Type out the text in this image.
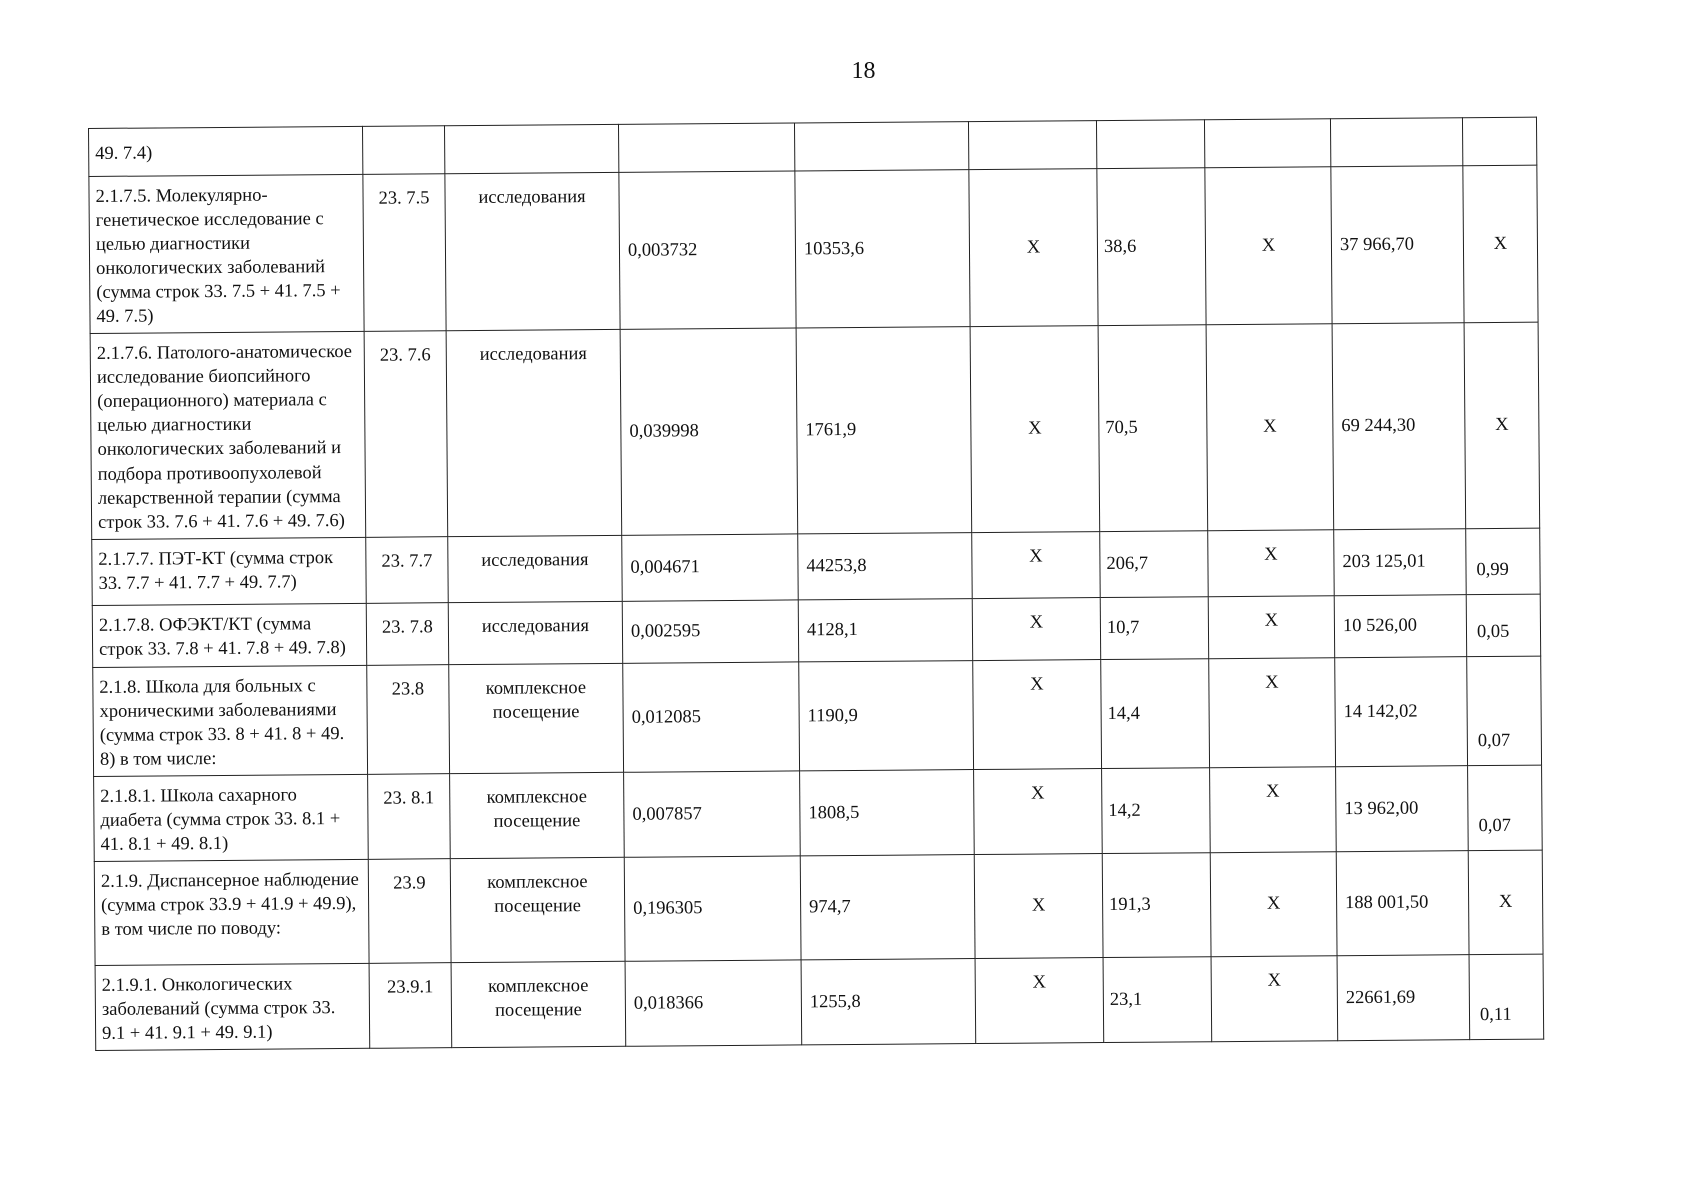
18
49. 7.4)									
2.1.7.5. Молекулярно-генетическое исследование с целью диагностики онкологических заболеваний (сумма строк 33. 7.5 + 41. 7.5 + 49. 7.5)	23. 7.5	исследования	0,003732	10353,6	Х	38,6	Х	37 966,70	Х
2.1.7.6. Патолого-анатомическое исследование биопсийного (операционного) материала с целью диагностики онкологических заболеваний и подбора противоопухолевой лекарственной терапии (сумма строк 33. 7.6 + 41. 7.6 + 49. 7.6)	23. 7.6	исследования	0,039998	1761,9	Х	70,5	Х	69 244,30	Х
2.1.7.7. ПЭТ-КТ (сумма строк 33. 7.7 + 41. 7.7 + 49. 7.7)	23. 7.7	исследования	0,004671	44253,8	Х	206,7	Х	203 125,01	0,99
2.1.7.8. ОФЭКТ/КТ (сумма строк 33. 7.8 + 41. 7.8 + 49. 7.8)	23. 7.8	исследования	0,002595	4128,1	Х	10,7	Х	10 526,00	0,05
2.1.8. Школа для больных с хроническими заболеваниями (сумма строк 33. 8 + 41. 8 + 49. 8) в том числе:	23.8	комплексное посещение	0,012085	1190,9	Х	14,4	Х	14 142,02	0,07
2.1.8.1. Школа сахарного диабета (сумма строк 33. 8.1 + 41. 8.1 + 49. 8.1)	23. 8.1	комплексное посещение	0,007857	1808,5	Х	14,2	Х	13 962,00	0,07
2.1.9. Диспансерное наблюдение (сумма строк 33.9 + 41.9 + 49.9), в том числе по поводу:	23.9	комплексное посещение	0,196305	974,7	Х	191,3	Х	188 001,50	Х
2.1.9.1. Онкологических заболеваний (сумма строк 33. 9.1 + 41. 9.1 + 49. 9.1)	23.9.1	комплексное посещение	0,018366	1255,8	Х	23,1	Х	22661,69	0,11
